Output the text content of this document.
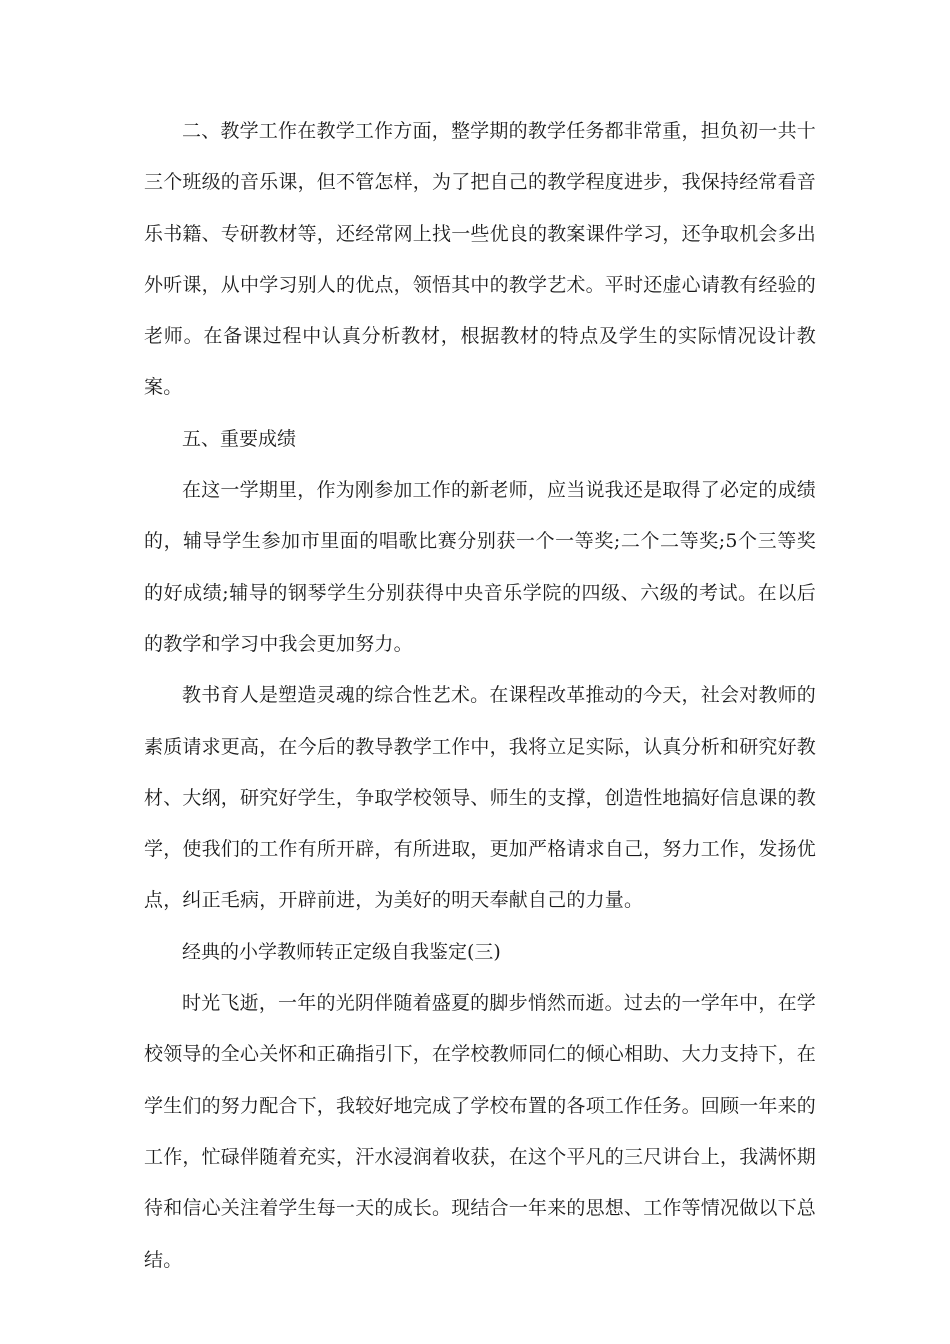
二、教学工作在教学工作方面，整学期的教学任务都非常重，担负初一共十三个班级的音乐课，但不管怎样，为了把自己的教学程度进步，我保持经常看音乐书籍、专研教材等，还经常网上找一些优良的教案课件学习，还争取机会多出外听课，从中学习别人的优点，领悟其中的教学艺术。平时还虚心请教有经验的老师。在备课过程中认真分析教材，根据教材的特点及学生的实际情况设计教案。

五、重要成绩

在这一学期里，作为刚参加工作的新老师，应当说我还是取得了必定的成绩的，辅导学生参加市里面的唱歌比赛分别获一个一等奖;二个二等奖;5个三等奖的好成绩;辅导的钢琴学生分别获得中央音乐学院的四级、六级的考试。在以后的教学和学习中我会更加努力。

教书育人是塑造灵魂的综合性艺术。在课程改革推动的今天，社会对教师的素质请求更高，在今后的教导教学工作中，我将立足实际，认真分析和研究好教材、大纲，研究好学生，争取学校领导、师生的支撑，创造性地搞好信息课的教学，使我们的工作有所开辟，有所进取，更加严格请求自己，努力工作，发扬优点，纠正毛病，开辟前进，为美好的明天奉献自己的力量。

经典的小学教师转正定级自我鉴定(三)

时光飞逝，一年的光阴伴随着盛夏的脚步悄然而逝。过去的一学年中，在学校领导的全心关怀和正确指引下，在学校教师同仁的倾心相助、大力支持下，在学生们的努力配合下，我较好地完成了学校布置的各项工作任务。回顾一年来的工作，忙碌伴随着充实，汗水浸润着收获，在这个平凡的三尺讲台上，我满怀期待和信心关注着学生每一天的成长。现结合一年来的思想、工作等情况做以下总结。
